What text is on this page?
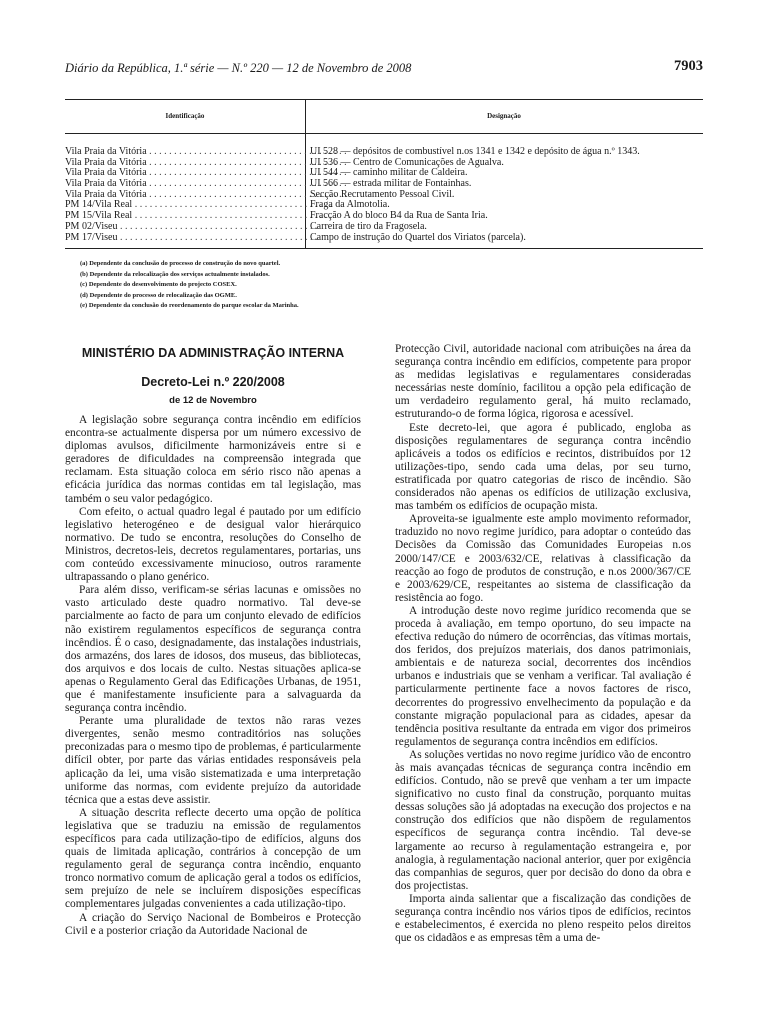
Diário da República, 1.ª série — N.º 220 — 12 de Novembro de 2008	7903
Identificação	Designação
Vila Praia da Vitória . . . . . . . . . . . . . . . . . . . . . . . . . . . . . . . . . . . . . . . .
UI 528 — depósitos de combustível n.os 1341 e 1342 e depósito de água n.º 1343.
Vila Praia da Vitória . . . . . . . . . . . . . . . . . . . . . . . . . . . . . . . . . . . . . . . .
UI 536 — Centro de Comunicações de Agualva.
Vila Praia da Vitória . . . . . . . . . . . . . . . . . . . . . . . . . . . . . . . . . . . . . . . .
UI 544 — caminho militar de Caldeira.
Vila Praia da Vitória . . . . . . . . . . . . . . . . . . . . . . . . . . . . . . . . . . . . . . . .
UI 566 — estrada militar de Fontainhas.
Vila Praia da Vitória . . . . . . . . . . . . . . . . . . . . . . . . . . . . . . . . . . . . . . . .
Secção Recrutamento Pessoal Civil.
PM 14/Vila Real . . . . . . . . . . . . . . . . . . . . . . . . . . . . . . . . . . . . . . . .
Fraga da Almotolia.
PM 15/Vila Real . . . . . . . . . . . . . . . . . . . . . . . . . . . . . . . . . . . . . . . .
Fracção A do bloco B4 da Rua de Santa Iria.
PM 02/Viseu . . . . . . . . . . . . . . . . . . . . . . . . . . . . . . . . . . . . . . . .
Carreira de tiro da Fragosela.
PM 17/Viseu . . . . . . . . . . . . . . . . . . . . . . . . . . . . . . . . . . . . . . . .
Campo de instrução do Quartel dos Viriatos (parcela).
(a) Dependente da conclusão do processo de construção do novo quartel.
(b) Dependente da relocalização dos serviços actualmente instalados.
(c) Dependente do desenvolvimento do projecto COSEX.
(d) Dependente do processo de relocalização das OGME.
(e) Dependente da conclusão do reordenamento do parque escolar da Marinha.
MINISTÉRIO DA ADMINISTRAÇÃO INTERNA
Decreto-Lei n.º 220/2008
de 12 de Novembro

A legislação sobre segurança contra incêndio em edifícios encontra-se actualmente dispersa por um número excessivo de diplomas avulsos, dificilmente harmonizáveis entre si e geradores de dificuldades na compreensão integrada que reclamam. Esta situação coloca em sério risco não apenas a eficácia jurídica das normas contidas em tal legislação, mas também o seu valor pedagógico.

Com efeito, o actual quadro legal é pautado por um edifício legislativo heterogéneo e de desigual valor hierárquico normativo. De tudo se encontra, resoluções do Conselho de Ministros, decretos-leis, decretos regulamentares, portarias, uns com conteúdo excessivamente minucioso, outros raramente ultrapassando o plano genérico.

Para além disso, verificam-se sérias lacunas e omissões no vasto articulado deste quadro normativo. Tal deve-se parcialmente ao facto de para um conjunto elevado de edifícios não existirem regulamentos específicos de segurança contra incêndios. É o caso, designadamente, das instalações industriais, dos armazéns, dos lares de idosos, dos museus, das bibliotecas, dos arquivos e dos locais de culto. Nestas situações aplica-se apenas o Regulamento Geral das Edificações Urbanas, de 1951, que é manifestamente insuficiente para a salvaguarda da segurança contra incêndio.

Perante uma pluralidade de textos não raras vezes divergentes, senão mesmo contraditórios nas soluções preconizadas para o mesmo tipo de problemas, é particularmente difícil obter, por parte das várias entidades responsáveis pela aplicação da lei, uma visão sistematizada e uma interpretação uniforme das normas, com evidente prejuízo da autoridade técnica que a estas deve assistir.

A situação descrita reflecte decerto uma opção de política legislativa que se traduziu na emissão de regulamentos específicos para cada utilização-tipo de edifícios, alguns dos quais de limitada aplicação, contrários à concepção de um regulamento geral de segurança contra incêndio, enquanto tronco normativo comum de aplicação geral a todos os edifícios, sem prejuízo de nele se incluírem disposições específicas complementares julgadas convenientes a cada utilização-tipo.

A criação do Serviço Nacional de Bombeiros e Protecção Civil e a posterior criação da Autoridade Nacional de

Protecção Civil, autoridade nacional com atribuições na área da segurança contra incêndio em edifícios, competente para propor as medidas legislativas e regulamentares consideradas necessárias neste domínio, facilitou a opção pela edificação de um verdadeiro regulamento geral, há muito reclamado, estruturando-o de forma lógica, rigorosa e acessível.

Este decreto-lei, que agora é publicado, engloba as disposições regulamentares de segurança contra incêndio aplicáveis a todos os edifícios e recintos, distribuídos por 12 utilizações-tipo, sendo cada uma delas, por seu turno, estratificada por quatro categorias de risco de incêndio. São considerados não apenas os edifícios de utilização exclusiva, mas também os edifícios de ocupação mista.

Aproveita-se igualmente este amplo movimento reformador, traduzido no novo regime jurídico, para adoptar o conteúdo das Decisões da Comissão das Comunidades Europeias n.os 2000/147/CE e 2003/632/CE, relativas à classificação da reacção ao fogo de produtos de construção, e n.os 2000/367/CE e 2003/629/CE, respeitantes ao sistema de classificação da resistência ao fogo.

A introdução deste novo regime jurídico recomenda que se proceda à avaliação, em tempo oportuno, do seu impacte na efectiva redução do número de ocorrências, das vítimas mortais, dos feridos, dos prejuízos materiais, dos danos patrimoniais, ambientais e de natureza social, decorrentes dos incêndios urbanos e industriais que se venham a verificar. Tal avaliação é particularmente pertinente face a novos factores de risco, decorrentes do progressivo envelhecimento da população e da constante migração populacional para as cidades, apesar da tendência positiva resultante da entrada em vigor dos primeiros regulamentos de segurança contra incêndios em edifícios.

As soluções vertidas no novo regime jurídico vão de encontro às mais avançadas técnicas de segurança contra incêndio em edifícios. Contudo, não se prevê que venham a ter um impacte significativo no custo final da construção, porquanto muitas dessas soluções são já adoptadas na execução dos projectos e na construção dos edifícios que não dispõem de regulamentos específicos de segurança contra incêndio. Tal deve-se largamente ao recurso à regulamentação estrangeira e, por analogia, à regulamentação nacional anterior, quer por exigência das companhias de seguros, quer por decisão do dono da obra e dos projectistas.

Importa ainda salientar que a fiscalização das condições de segurança contra incêndio nos vários tipos de edifícios, recintos e estabelecimentos, é exercida no pleno respeito pelos direitos que os cidadãos e as empresas têm a uma de-
